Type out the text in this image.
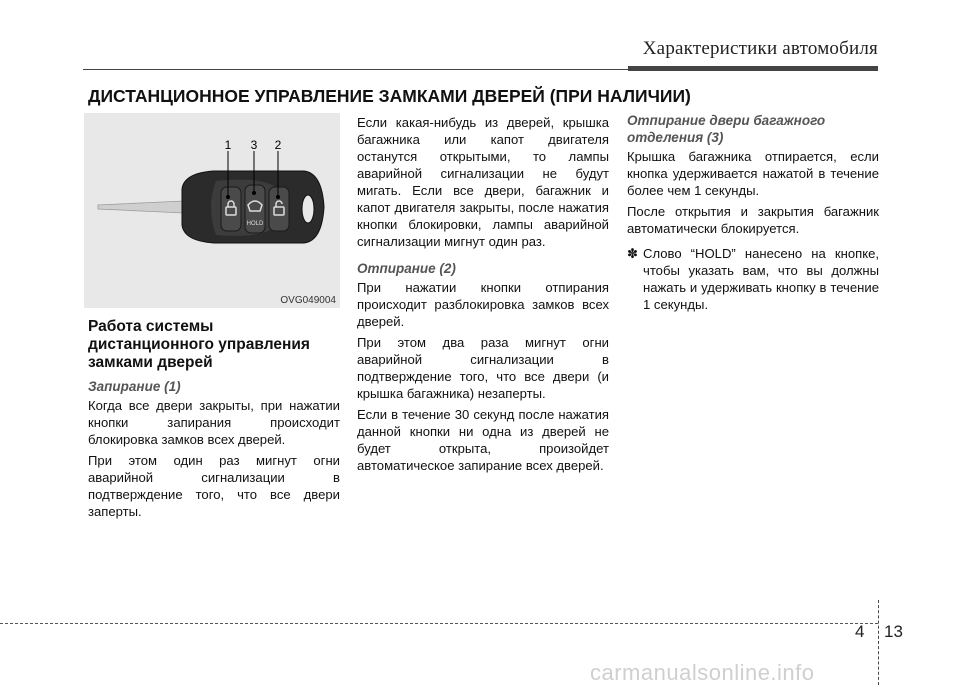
Характеристики автомобиля
ДИСТАНЦИОННОЕ УПРАВЛЕНИЕ ЗАМКАМИ ДВЕРЕЙ (ПРИ НАЛИЧИИ)
HOLD
1 3 2
OVG049004
Работа системы дистанционного управления замками дверей
Запирание (1)

Когда все двери закрыты, при нажатии кнопки запирания происходит блокировка замков всех дверей.

При этом один раз мигнут огни аварийной сигнализации в подтверждение того, что все двери заперты.

Если какая-нибудь из дверей, крышка багажника или капот двигателя останутся открытыми, то лампы аварийной сигнализации не будут мигать. Если все двери, багажник и капот двигателя закрыты, после нажатия кнопки блокировки, лампы аварийной сигнализации мигнут один раз.

Отпирание (2)

При нажатии кнопки отпирания происходит разблокировка замков всех дверей.

При этом два раза мигнут огни аварийной сигнализации в подтверждение того, что все двери (и крышка багажника) незаперты.

Если в течение 30 секунд после нажатия данной кнопки ни одна из дверей не будет открыта, произойдет автоматическое запирание всех дверей.

Отпирание двери багажного отделения (3)

Крышка багажника отпирается, если кнопка удерживается нажатой в течение более чем 1 секунды.

После открытия и закрытия багажник автоматически блокируется.

✽ Слово “HOLD” нанесено на кнопке, чтобы указать вам, что вы должны нажать и удерживать кнопку в течение 1 секунды.
4 13
carmanualsonline.info
